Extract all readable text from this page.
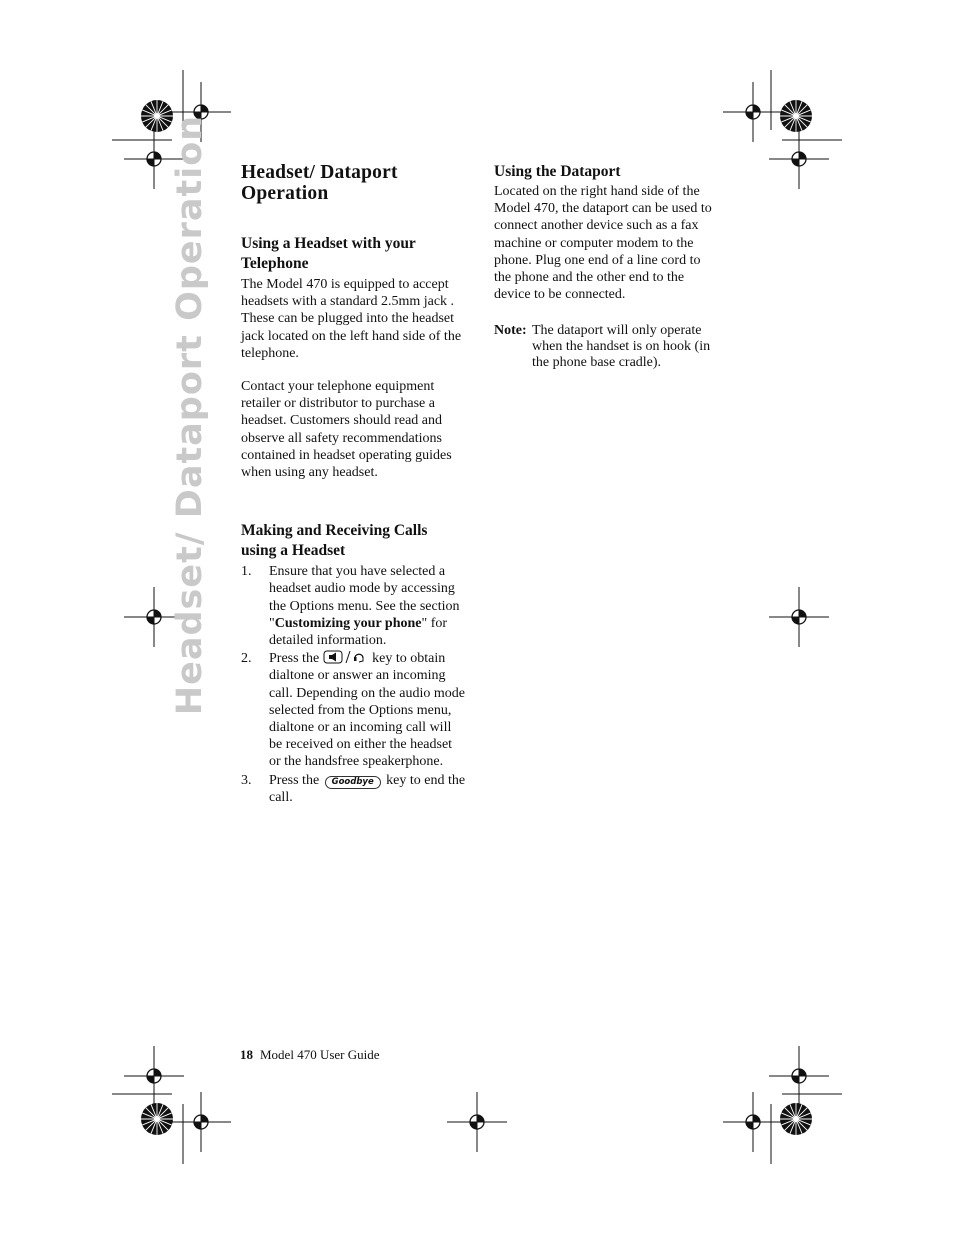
Headset/ Dataport Operation Headset/ Dataport Operation
Using a Headset with your Telephone

The Model 470 is equipped to accept headsets with a standard 2.5mm jack . These can be plugged into the headset jack located on the left hand side of the telephone.

Contact your telephone equipment retailer or distributor to purchase a headset. Customers should read and observe all safety recommendations contained in headset operating guides when using any headset.

Making and Receiving Calls using a Headset
1. Ensure that you have selected a headset audio mode by accessing the Options menu. See the section "Customizing your phone" for detailed information.
2. Press the	key to obtain dialtone or answer an incoming call. Depending on the audio mode selected from the Options menu, dialtone or an incoming call will be received on either the headset or the handsfree speakerphone.
3. Press the Goodbye key to end the call.
Using the Dataport

Located on the right hand side of the Model 470, the dataport can be used to connect another device such as a fax machine or computer modem to the phone. Plug one end of a line cord to the phone and the other end to the device to be connected.

Note: The dataport will only operate when the handset is on hook (in the phone base cradle).
18 Model 470 User Guide
